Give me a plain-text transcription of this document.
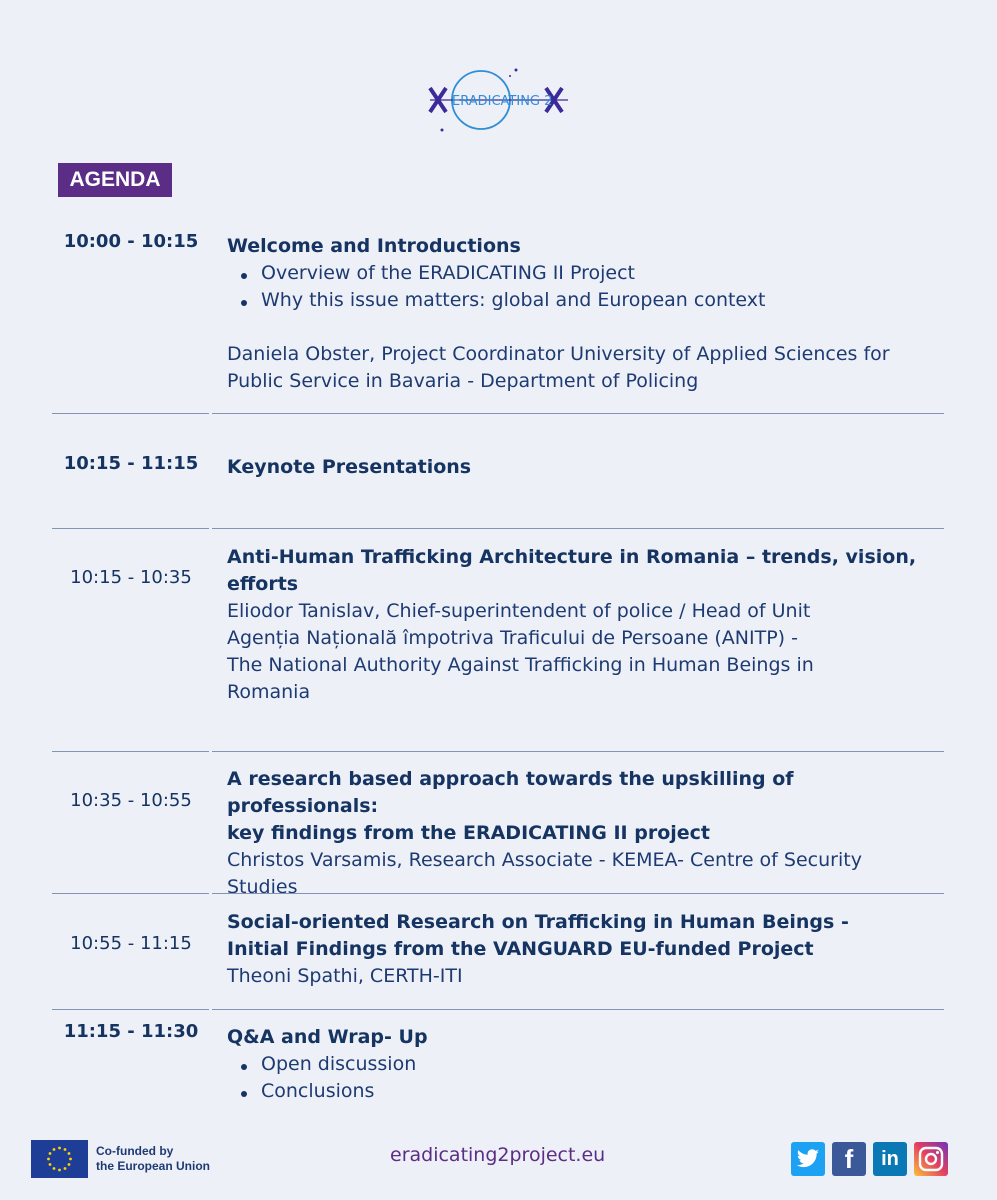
ERADICATING 2
AGENDA
10:00 - 10:15	Welcome and Introductions
Overview of the ERADICATING II Project
Why this issue matters: global and European context
Daniela Obster, Project Coordinator University of Applied Sciences for
Public Service in Bavaria - Department of Policing
10:15 - 11:15	Keynote Presentations
10:15 - 10:35
Anti-Human Trafficking Architecture in Romania – trends, vision,
efforts
Eliodor Tanislav, Chief-superintendent of police / Head of Unit
Agenția Națională împotriva Traficului de Persoane (ANITP) -
The National Authority Against Trafficking in Human Beings in
Romania
10:35 - 10:55
A research based approach towards the upskilling of professionals:
key findings from the ERADICATING II project
Christos Varsamis, Research Associate - KEMEA- Centre of Security
Studies
10:55 - 11:15
Social-oriented Research on Trafficking in Human Beings -
Initial Findings from the VANGUARD EU-funded Project
Theoni Spathi, CERTH-ITI
11:15 - 11:30	Q&A and Wrap- Up
Open discussion
Conclusions
Co-funded by
the European Union	eradicating2project.eu	f in
